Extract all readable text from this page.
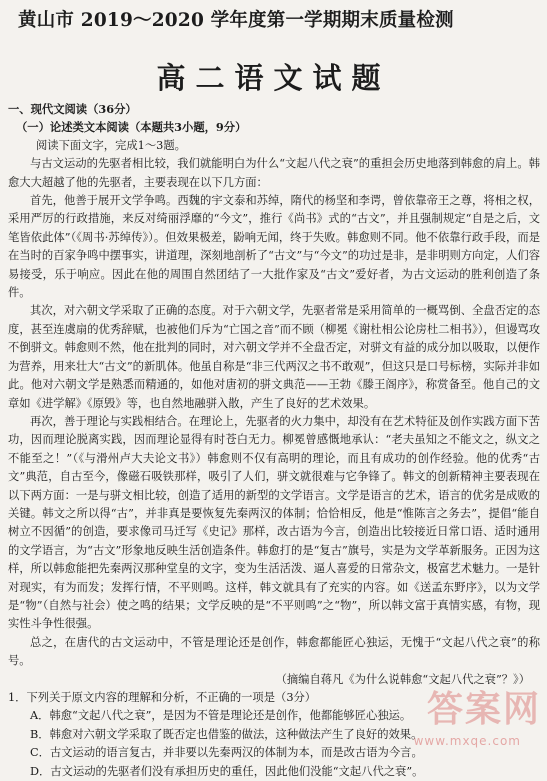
黄山市 2019～2020 学年度第一学期期末质量检测
高二语文试题
一、现代文阅读（36分）
（一）论述类文本阅读（本题共3小题，9分）
阅读下面文字，完成1～3题。

与古文运动的先驱者相比较，我们就能明白为什么“文起八代之衰”的重担会历史地落到韩愈的肩上。韩愈大大超越了他的先驱者，主要表现在以下几方面：

首先，他善于展开文学争鸣。西魏的宇文泰和苏绰，隋代的杨坚和李谔，曾依靠帝王之尊，将相之权，采用严厉的行政措施，来反对绮丽浮靡的“今文”，推行《尚书》式的“古文”，并且强制规定“自是之后，文笔皆依此体”（《周书·苏绰传》）。但效果极差，鼢响无闻，终于失败。韩愈则不同。他不依靠行政手段，而是在当时的百家争鸣中摆事实，讲道理，深刻地剖析了“古文”与“今文”的功过是非，是非明则方向定，人们容易接受，乐于响应。因此在他的周围自然团结了一大批作家及“古文”爱好者，为古文运动的胜利创造了条件。

其次，对六朝文学采取了正确的态度。对于六朝文学，先驱者常是采用简单的一概骂倒、全盘否定的态度，甚至连虞扇的优秀辞赋，也被他们斥为“亡国之音”而不顾（柳冕《谢杜相公论房杜二相书》），但谩骂攻不倒骈文。韩愈则不然，他在批判的同时，对六朝文学并不全盘否定，对骈文有益的成分加以吸取，以便作为营养，用来壮大“古文”的新肌体。他虽自称是“非三代两汉之书不敢观”，但这只是口号标榜，实际并非如此。他对六朝文学是熟悉而精通的，如他对唐初的骈文典范——王勃《滕王阁序》，称赏备至。他自己的文章如《进学解》《原毁》等，也自然地融骈入散，产生了良好的艺术效果。

再次，善于理论与实践相结合。在理论上，先驱者的火力集中，却没有在艺术特征及创作实践方面下苦功，因而理论脱离实践，因而理论显得有时苍白无力。柳冕曾感慨地承认：“老夫虽知之不能文之，纵文之不能至之！”（《与滑州卢大夫论文书》）韩愈则不仅有高明的理论，而且有成功的创作经验。他的优秀“古文”典范，自古至今，像磁石吸铁那样，吸引了人们，骈文就很难与它争锋了。韩文的创新精神主要表现在以下两方面：一是与骈文相比较，创造了适用的新型的文学语言。文学是语言的艺术，语言的优劣是成败的关键。韩文之所以得“古”，并非真是要恢复先秦两汉的体制；恰恰相反，他是“惟陈言之务去”，提倡“能自树立不因循”的创造，要求像司马迁写《史记》那样，改古语为今言，创造出比较接近日常口语、适时通用的文学语言，为“古文”形象地反映生活创造条件。韩愈打的是“复古”旗号，实是为文学革新服务。正因为这样，所以韩愈能把先秦两汉那种堂皇的文字，变为生活活泼、逼人喜爱的日常杂文，极富艺术魅力。一是针对现实，有为而发；发挥行情，不平则鸣。这样，韩文就具有了充实的内容。如《送孟东野序》，以为文学是“物”（自然与社会）使之鸣的结果；文学反映的是“不平则鸣”之“物”，所以韩文富于真情实感，有物，现实性斗争性很强。

总之，在唐代的古文运动中，不管是理论还是创作，韩愈都能匠心独运，无愧于“文起八代之衰”的称号。

（摘编自蒋凡《为什么说韩愈“文起八代之衰”？》）
1．下列关于原文内容的理解和分析，不正确的一项是（3分）
A．韩愈“文起八代之衰”，是因为不管是理论还是创作，他都能够匠心独运。
B．韩愈对六朝文学采取了既否定也借鉴的做法，这种做法产生了良好的效果。
C．古文运动的语言复古，并非要以先秦两汉的体制为本，而是改古语为今言。
D．古文运动的先驱者们没有承担历史的重任，因此他们没能“文起八代之衰”。
答案网
www.mxqe.com
